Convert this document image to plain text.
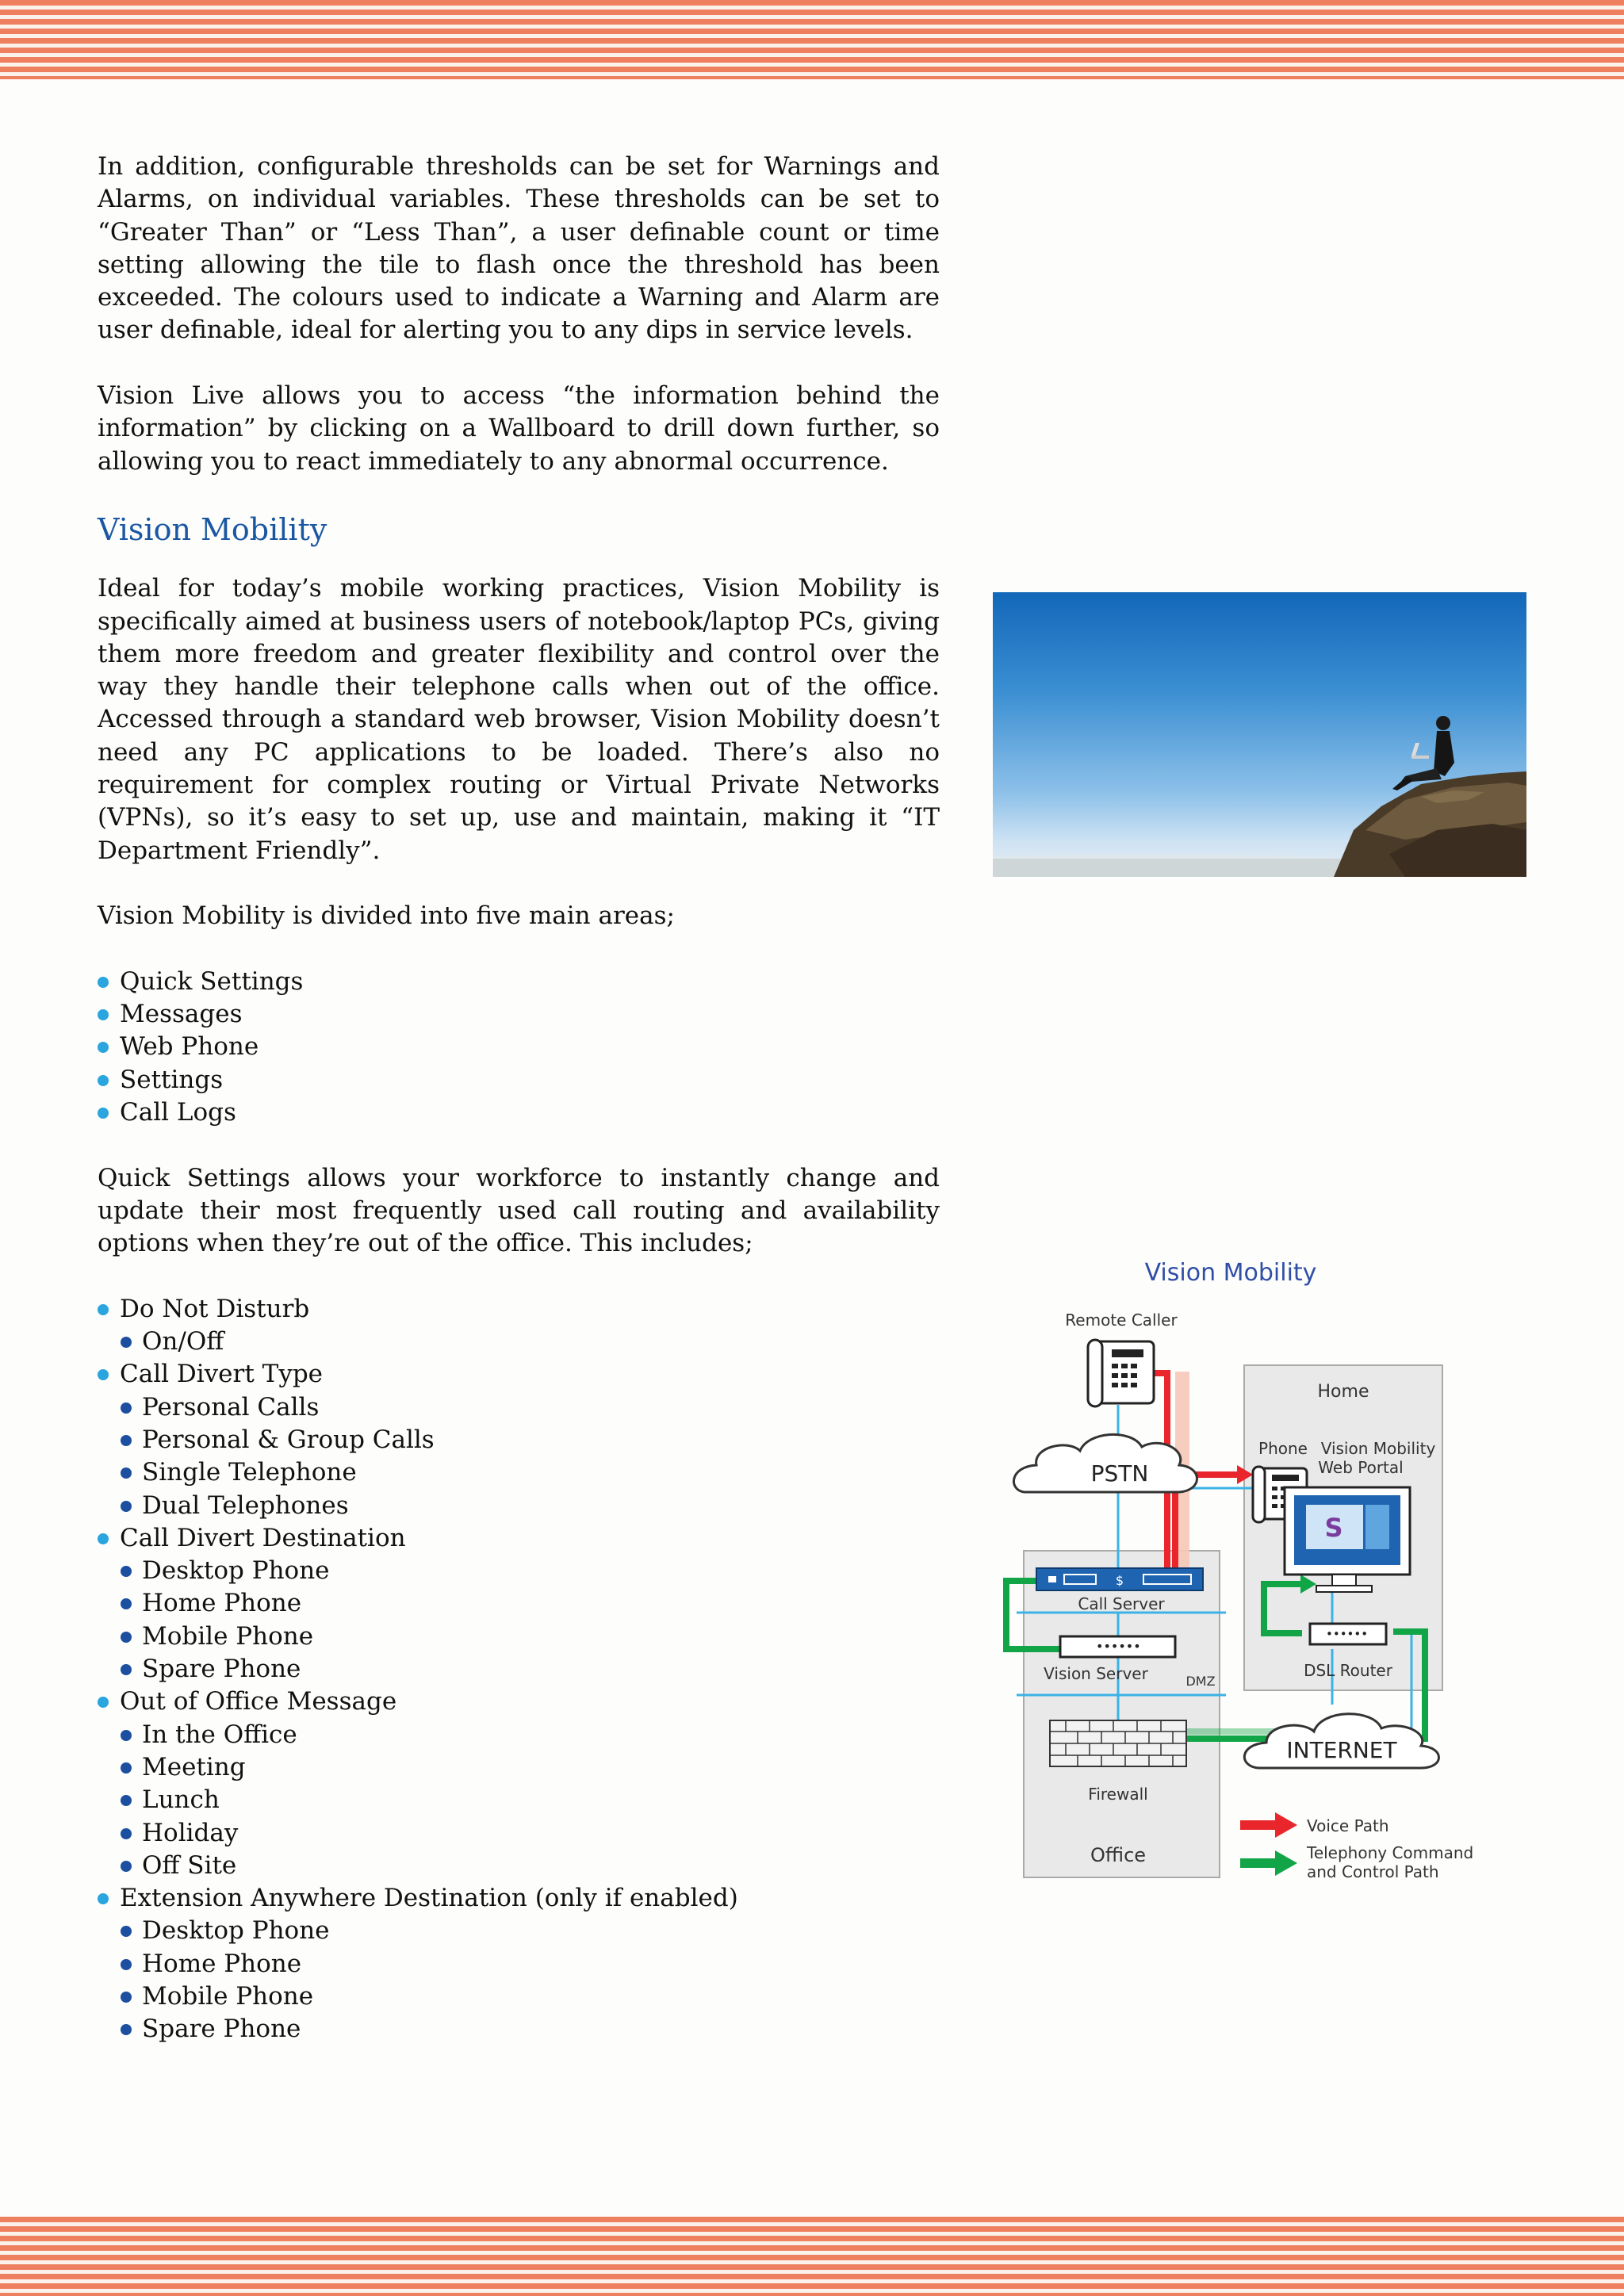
In addition, configurable thresholds can be set for Warnings and Alarms, on individual variables. These thresholds can be set to “Greater Than” or “Less Than”, a user definable count or time setting allowing the tile to flash once the threshold has been exceeded. The colours used to indicate a Warning and Alarm are user definable, ideal for alerting you to any dips in service levels.

Vision Live allows you to access “the information behind the information” by clicking on a Wallboard to drill down further, so allowing you to react immediately to any abnormal occurrence.

Vision Mobility

Ideal for today’s mobile working practices, Vision Mobility is specifically aimed at business users of notebook/laptop PCs, giving them more freedom and greater flexibility and control over the way they handle their telephone calls when out of the office. Accessed through a standard web browser, Vision Mobility doesn’t need any PC applications to be loaded. There’s also no requirement for complex routing or Virtual Private Networks (VPNs), so it’s easy to set up, use and maintain, making it “IT Department Friendly”.

Vision Mobility is divided into five main areas;

Quick Settings
Messages
Web Phone
Settings
Call Logs

Quick Settings allows your workforce to instantly change and update their most frequently used call routing and availability options when they’re out of the office. This includes;

Do Not Disturb
On/Off
Call Divert Type
Personal Calls
Personal & Group Calls
Single Telephone
Dual Telephones
Call Divert Destination
Desktop Phone
Home Phone
Mobile Phone
Spare Phone
Out of Office Message
In the Office
Meeting
Lunch
Holiday
Off Site
Extension Anywhere Destination (only if enabled)
Desktop Phone
Home Phone
Mobile Phone
Spare Phone
Vision Mobility
Home
Office
Remote Caller
PSTN
$
Call Server
••••••
Vision Server	DMZ
Firewall
Phone Vision Mobility
Web Portal
S
••••••
DSL Router
INTERNET
Voice Path
Telephony Command
and Control Path
